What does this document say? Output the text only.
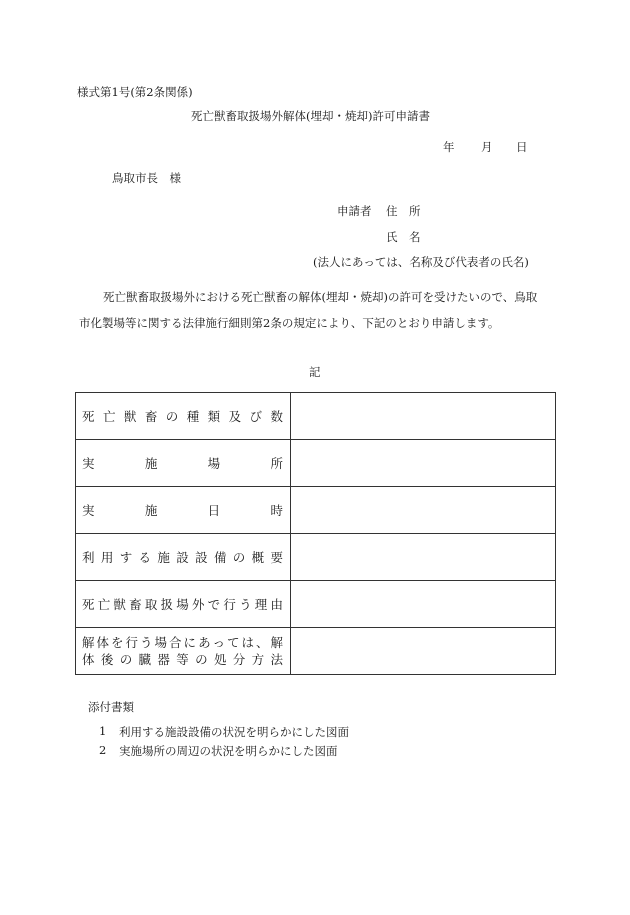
様式第1号(第2条関係)
死亡獣畜取扱場外解体(埋却・焼却)許可申請書
年 月 日
鳥取市長　様
申請者 住　所
氏　名
(法人にあっては、名称及び代表者の氏名)
死亡獣畜取扱場外における死亡獣畜の解体(埋却・焼却)の許可を受けたいので、鳥取
市化製場等に関する法律施行細則第2条の規定により、下記のとおり申請します。
記
死亡獣畜の種類及び数	

実施場所	

実施日時	

利用する施設設備の概要	

死亡獣畜取扱場外で行う理由	

解体を行う場合にあっては、解
体後の臓器等の処分方法	

添付書類
1 利用する施設設備の状況を明らかにした図面
2 実施場所の周辺の状況を明らかにした図面
